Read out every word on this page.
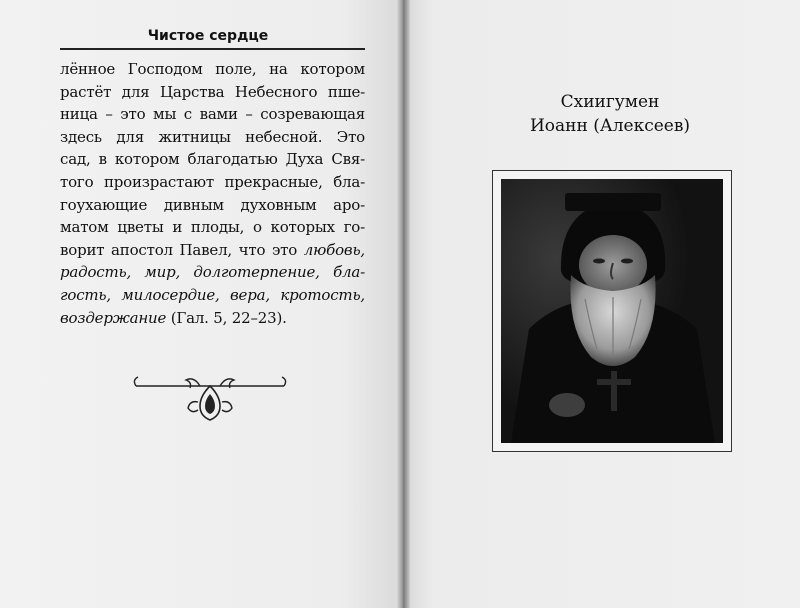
Чистое сердце
лённое Господом поле, на котором
растёт для Царства Небесного пше-
ница – это мы с вами – созревающая
здесь для житницы небесной. Это
сад, в котором благодатью Духа Свя-
того произрастают прекрасные, бла-
гоухающие дивным духовным аро-
матом цветы и плоды, о которых го-
ворит апостол Павел, что это любовь,
радость, мир, долготерпение, бла-
гость, милосердие, вера, кротость,
воздержание (Гал. 5, 22–23).
Схиигумен
Иоанн (Алексеев)
